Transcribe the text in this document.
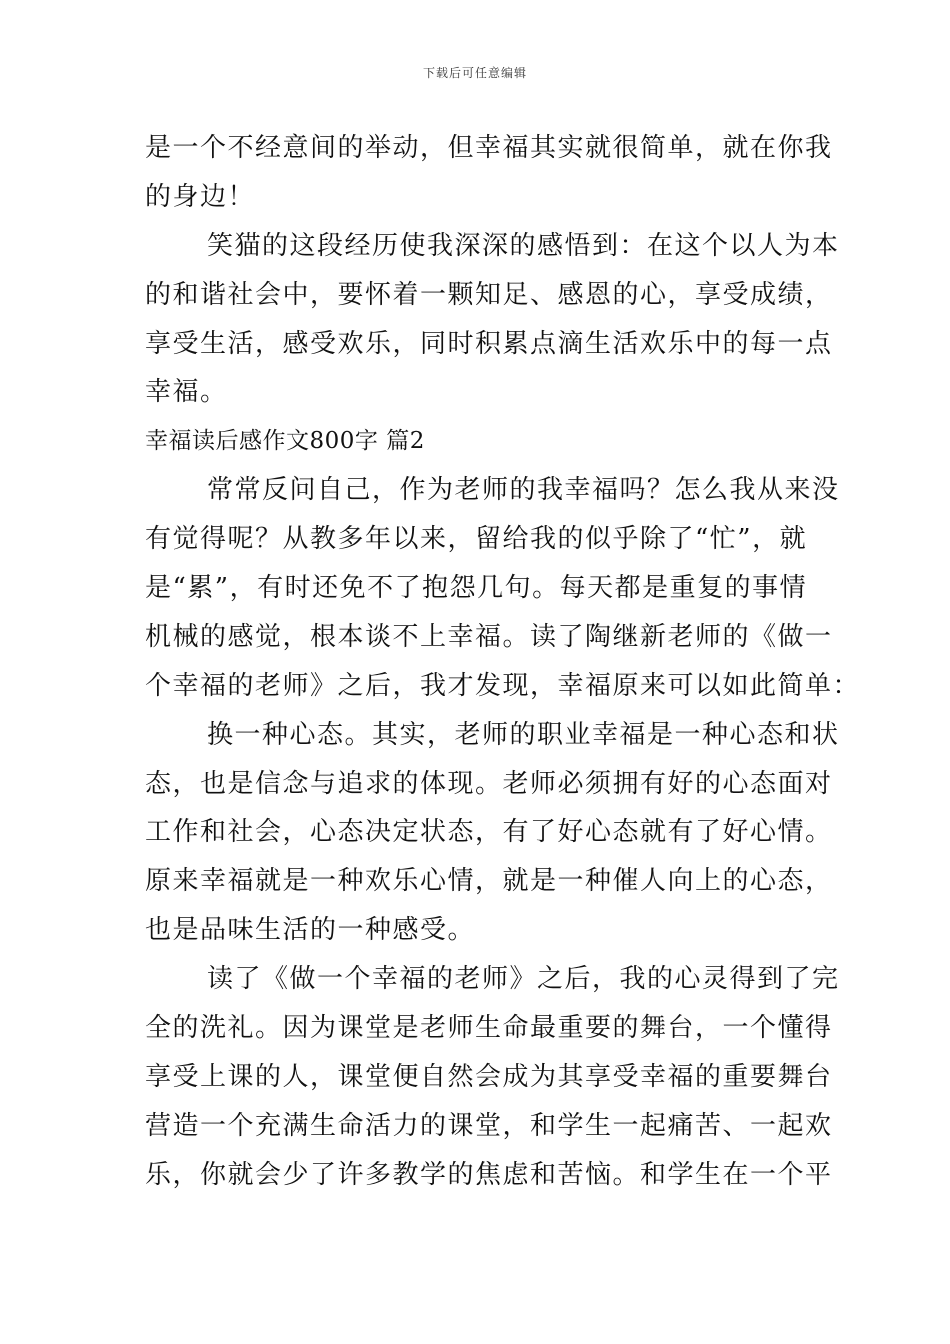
下载后可任意编辑
是一个不经意间的举动，但幸福其实就很简单，就在你我
的身边！
笑猫的这段经历使我深深的感悟到：在这个以人为本
的和谐社会中，要怀着一颗知足、感恩的心，享受成绩，
享受生活，感受欢乐，同时积累点滴生活欢乐中的每一点
幸福。
幸福读后感作文800字 篇2
常常反问自己，作为老师的我幸福吗？怎么我从来没
有觉得呢？从教多年以来，留给我的似乎除了“忙”，就
是“累”，有时还免不了抱怨几句。每天都是重复的事情
机械的感觉，根本谈不上幸福。读了陶继新老师的《做一
个幸福的老师》之后，我才发现，幸福原来可以如此简单：
换一种心态。其实，老师的职业幸福是一种心态和状
态，也是信念与追求的体现。老师必须拥有好的心态面对
工作和社会，心态决定状态，有了好心态就有了好心情。
原来幸福就是一种欢乐心情，就是一种催人向上的心态，
也是品味生活的一种感受。
读了《做一个幸福的老师》之后，我的心灵得到了完
全的洗礼。因为课堂是老师生命最重要的舞台，一个懂得
享受上课的人，课堂便自然会成为其享受幸福的重要舞台
营造一个充满生命活力的课堂，和学生一起痛苦、一起欢
乐，你就会少了许多教学的焦虑和苦恼。和学生在一个平
